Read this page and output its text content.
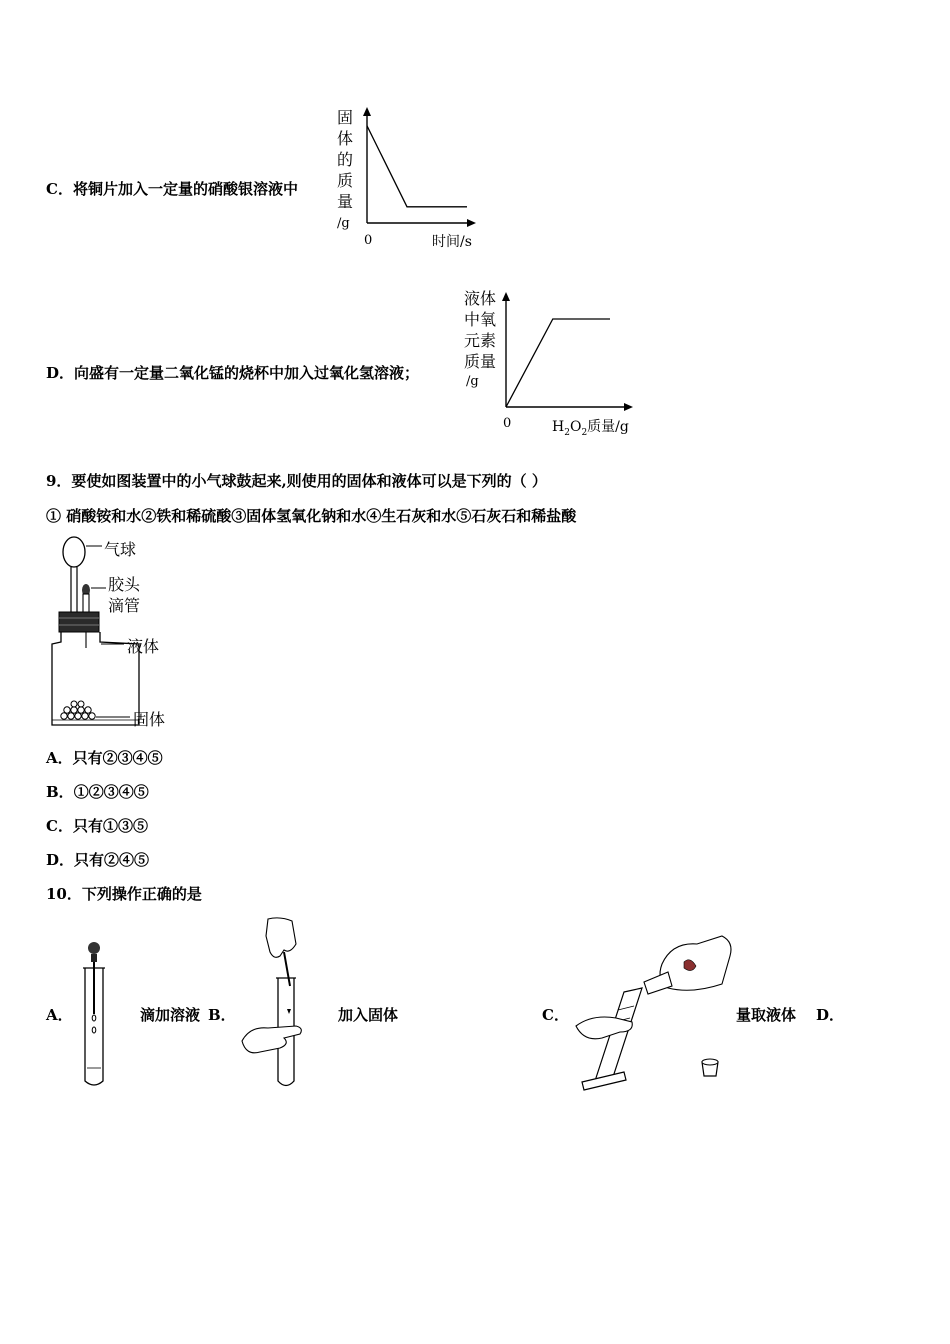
C．将铜片加入一定量的硝酸银溶液中
固
体
的
质
量
/g
0	时间/s
D．向盛有一定量二氧化锰的烧杯中加入过氧化氢溶液；
液体
中氧
元素
质量
/g
0	$H_2O_2$质量/g
9．要使如图装置中的小气球鼓起来,则使用的固体和液体可以是下列的（ ）
① 硝酸铵和水②铁和稀硫酸③固体氢氧化钠和水④生石灰和水⑤石灰石和稀盐酸
气球
胶头
滴管
液体
固体
A．只有②③④⑤
B．①②③④⑤
C．只有①③⑤
D．只有②④⑤
10．下列操作正确的是
A．	滴加溶液 B．	加入固体	C．	量取液体 D．
